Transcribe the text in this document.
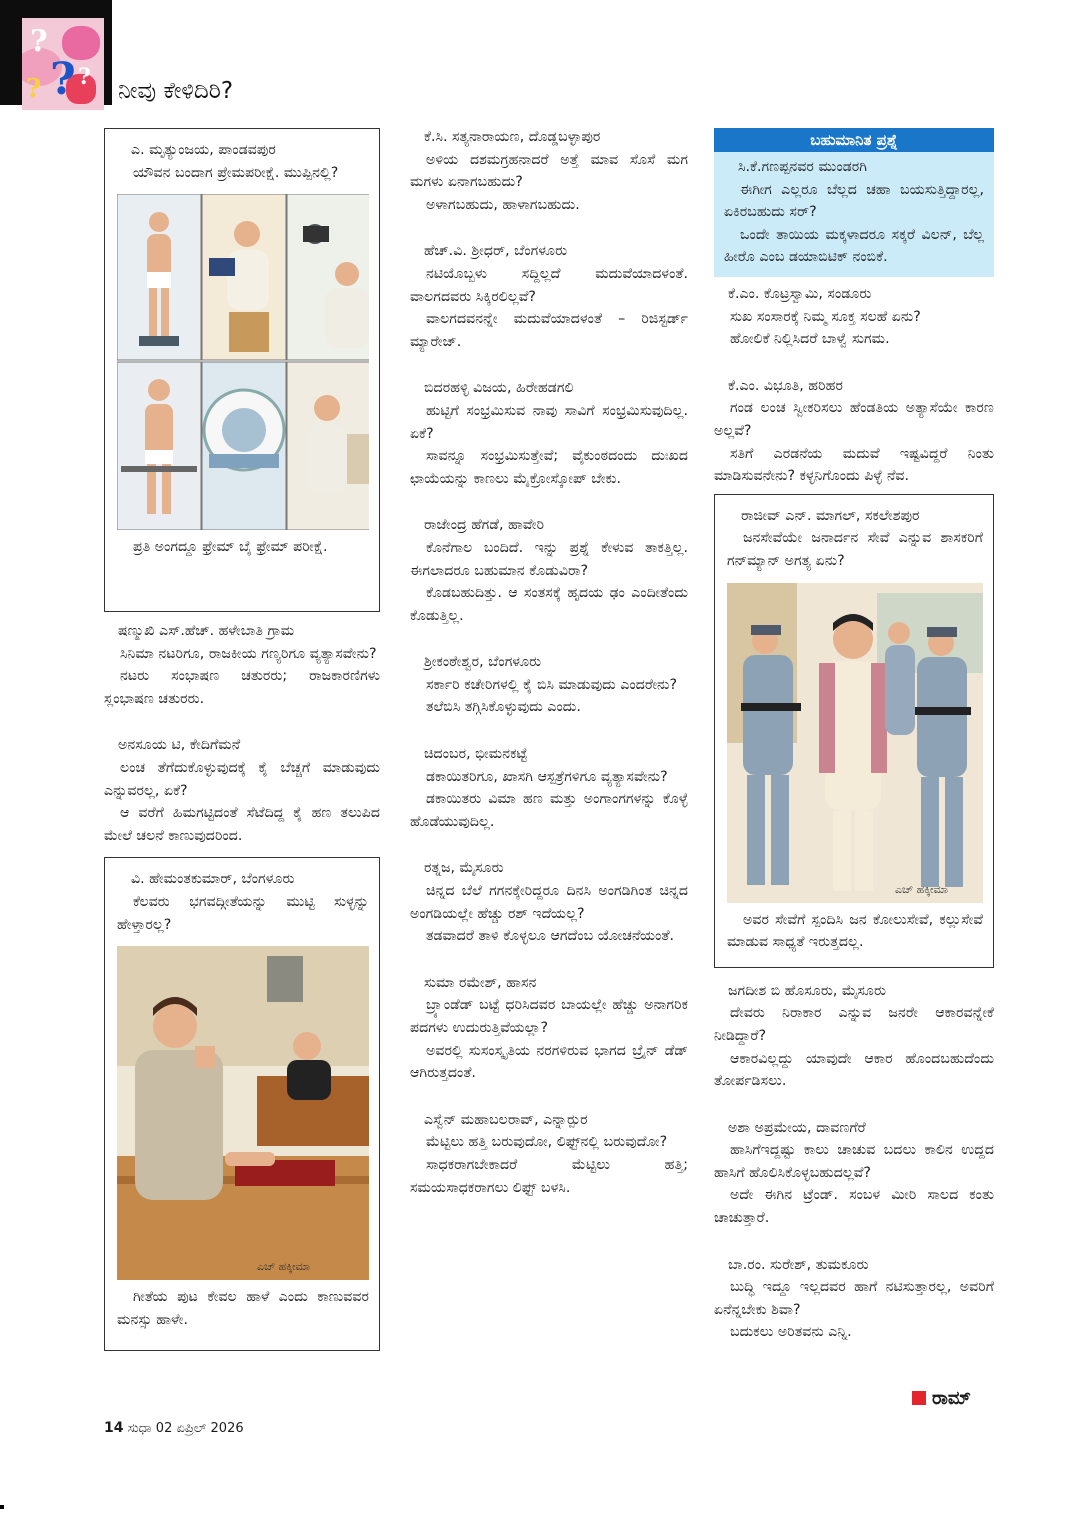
?
? ?
?	ನೀವು ಕೇಳಿದಿರಿ?
ಎ. ಮೃತ್ಯುಂಜಯ, ಪಾಂಡವಪುರ

ಯೌವನ ಬಂದಾಗ ಪ್ರೇಮಪರೀಕ್ಷೆ. ಮುಪ್ಪಿನಲ್ಲಿ?

ಪ್ರತಿ ಅಂಗದ್ದೂ ಫ್ರೇಮ್ ಬೈ ಫ್ರೇಮ್ ಪರೀಕ್ಷೆ.
ಷಣ್ಮುಖಿ ಎಸ್.ಹೆಚ್. ಹಳೇಬಾತಿ ಗ್ರಾಮ

ಸಿನಿಮಾ ನಟರಿಗೂ, ರಾಜಕೀಯ ಗಣ್ಯರಿಗೂ ವ್ಯತ್ಯಾಸವೇನು?

ನಟರು ಸಂಭಾಷಣ ಚತುರರು; ರಾಜಕಾರಣಿಗಳು ಸ್ಲಂಭಾಷಣ ಚತುರರು.

ಅನಸೂಯ ಟಿ, ಕೇದಿಗೆಮನೆ

ಲಂಚ ತೆಗೆದುಕೊಳ್ಳುವುದಕ್ಕೆ ಕೈ ಬೆಚ್ಚಗೆ ಮಾಡುವುದು ಎನ್ನುವರಲ್ಲ, ಏಕೆ?

ಆ ವರೆಗೆ ಹಿಮಗಟ್ಟಿದಂತೆ ಸೆಟೆದಿದ್ದ ಕೈ ಹಣ ತಲುಪಿದ ಮೇಲೆ ಚಲನೆ ಕಾಣುವುದರಿಂದ.

ವಿ. ಹೇಮಂತಕುಮಾರ್, ಬೆಂಗಳೂರು

ಕೆಲವರು ಭಗವದ್ಗೀತೆಯನ್ನು ಮುಟ್ಟಿ ಸುಳ್ಳನ್ನು ಹೇಳ್ತಾರಲ್ಲ?

ಎಚ್ ಹಕ್ಕೀಮಾ
ಗೀತೆಯ ಪುಟ ಕೇವಲ ಹಾಳೆ ಎಂದು ಕಾಣುವವರ ಮನಸ್ಸು ಹಾಳೇ.
ಕೆ.ಸಿ. ಸತ್ಯನಾರಾಯಣ, ದೊಡ್ಡಬಳ್ಳಾಪುರ

ಅಳಿಯ ದಶಮಗ್ರಹನಾದರೆ ಅತ್ತೆ ಮಾವ ಸೊಸೆ ಮಗ ಮಗಳು ಏನಾಗಬಹುದು?

ಅಳಾಗಬಹುದು, ಹಾಳಾಗಬಹುದು.

ಹೆಚ್.ವಿ. ಶ್ರೀಧರ್, ಬೆಂಗಳೂರು

ನಟಿಯೊಬ್ಬಳು ಸದ್ದಿಲ್ಲದೆ ಮದುವೆಯಾದಳಂತೆ. ವಾಲಗದವರು ಸಿಕ್ಕಿರಲಿಲ್ಲವೆ?

ವಾಲಗದವನನ್ನೇ ಮದುವೆಯಾದಳಂತೆ – ರಿಜಿಸ್ಟರ್ಡ್ ಮ್ಯಾರೇಜ್.

ಬಿದರಹಳ್ಳಿ ವಿಜಯ, ಹಿರೇಹಡಗಲಿ

ಹುಟ್ಟಿಗೆ ಸಂಭ್ರಮಿಸುವ ನಾವು ಸಾವಿಗೆ ಸಂಭ್ರಮಿಸುವುದಿಲ್ಲ. ಏಕೆ?

ಸಾವನ್ನೂ ಸಂಭ್ರಮಿಸುತ್ತೇವೆ; ವೈಕುಂಠದಂದು ದುಃಖದ ಛಾಯೆಯನ್ನು ಕಾಣಲು ಮೈಕ್ರೋಸ್ಕೋಪ್ ಬೇಕು.

ರಾಜೇಂದ್ರ ಹೆಗಡೆ, ಹಾವೇರಿ

ಕೊನೆಗಾಲ ಬಂದಿದೆ. ಇನ್ನು ಪ್ರಶ್ನೆ ಕೇಳುವ ತಾಕತ್ತಿಲ್ಲ. ಈಗಲಾದರೂ ಬಹುಮಾನ ಕೊಡುವಿರಾ?

ಕೊಡಬಹುದಿತ್ತು. ಆ ಸಂತಸಕ್ಕೆ ಹೃದಯ ಢಂ ಎಂದೀತೆಂದು ಕೊಡುತ್ತಿಲ್ಲ.

ಶ್ರೀಕಂಠೇಶ್ವರ, ಬೆಂಗಳೂರು

ಸರ್ಕಾರಿ ಕಚೇರಿಗಳಲ್ಲಿ ಕೈ ಬಿಸಿ ಮಾಡುವುದು ಎಂದರೇನು?

ತಲೆಬಿಸಿ ತಗ್ಗಿಸಿಕೊಳ್ಳುವುದು ಎಂದು.

ಚಿದಂಬರ, ಭೀಮನಕಟ್ಟೆ

ಡಕಾಯಿತರಿಗೂ, ಖಾಸಗಿ ಆಸ್ಪತ್ರೆಗಳಿಗೂ ವ್ಯತ್ಯಾಸವೇನು?

ಡಕಾಯಿತರು ವಿಮಾ ಹಣ ಮತ್ತು ಅಂಗಾಂಗಗಳನ್ನು ಕೊಳ್ಳೆ ಹೊಡೆಯುವುದಿಲ್ಲ.

ರತ್ನಜ, ಮೈಸೂರು

ಚಿನ್ನದ ಬೆಲೆ ಗಗನಕ್ಕೇರಿದ್ದರೂ ದಿನಸಿ ಅಂಗಡಿಗಿಂತ ಚಿನ್ನದ ಅಂಗಡಿಯಲ್ಲೇ ಹೆಚ್ಚು ರಶ್ ಇದೆಯಲ್ಲ?

ತಡವಾದರೆ ತಾಳಿ ಕೊಳ್ಳಲೂ ಆಗದೆಂಬ ಯೋಚನೆಯಂತೆ.

ಸುಮಾ ರಮೇಶ್, ಹಾಸನ

ಬ್ರ್ಯಾಂಡೆಡ್ ಬಟ್ಟೆ ಧರಿಸಿದವರ ಬಾಯಲ್ಲೇ ಹೆಚ್ಚು ಅನಾಗರಿಕ ಪದಗಳು ಉದುರುತ್ತಿವೆಯಲ್ಲಾ?

ಅವರಲ್ಲಿ ಸುಸಂಸ್ಕೃತಿಯ ನರಗಳಿರುವ ಭಾಗದ ಬ್ರೈನ್ ಡೆಡ್ ಆಗಿರುತ್ತದಂತೆ.

ಎಸ್ವೆನ್ ಮಹಾಬಲರಾವ್, ಎನ್ನಾರ್‍ಪುರ

ಮೆಟ್ಟಿಲು ಹತ್ತಿ ಬರುವುದೋ, ಲಿಫ್ಟ್‌ನಲ್ಲಿ ಬರುವುದೋ?

ಸಾಧಕರಾಗಬೇಕಾದರೆ ಮೆಟ್ಟಿಲು ಹತ್ತಿ; ಸಮಯಸಾಧಕರಾಗಲು ಲಿಫ್ಟ್ ಬಳಸಿ.

ಬಹುಮಾನಿತ ಪ್ರಶ್ನೆ
ಸಿ.ಕೆ.ಗಣಪ್ಪನವರ ಮುಂಡರಗಿ

ಈಗೀಗ ಎಲ್ಲರೂ ಬೆಲ್ಲದ ಚಹಾ ಬಯಸುತ್ತಿದ್ದಾರಲ್ಲ, ಏಕಿರಬಹುದು ಸರ್?

ಒಂದೇ ತಾಯಿಯ ಮಕ್ಕಳಾದರೂ ಸಕ್ಕರೆ ವಿಲನ್, ಬೆಲ್ಲ ಹೀರೊ ಎಂಬ ಡಯಾಬಿಟಿಕ್ ನಂಬಿಕೆ.

ಕೆ.ಎಂ. ಕೊಟ್ರಸ್ವಾಮಿ, ಸಂಡೂರು

ಸುಖ ಸಂಸಾರಕ್ಕೆ ನಿಮ್ಮ ಸೂಕ್ತ ಸಲಹೆ ಏನು?

ಹೋಲಿಕೆ ನಿಲ್ಲಿಸಿದರೆ ಬಾಳ್ವೆ ಸುಗಮ.

ಕೆ.ಎಂ. ವಿಭೂತಿ, ಹರಿಹರ

ಗಂಡ ಲಂಚ ಸ್ವೀಕರಿಸಲು ಹೆಂಡತಿಯ ಅತ್ಯಾಸೆಯೇ ಕಾರಣ ಅಲ್ಲವೆ?

ಸತಿಗೆ ಎರಡನೆಯ ಮದುವೆ ಇಷ್ಟವಿದ್ದರೆ ನಿಂತು ಮಾಡಿಸುವನೇನು? ಕಳ್ಳನಿಗೊಂದು ಪಿಳ್ಳೆ ನೆವ.

ರಾಜೀವ್ ಎನ್. ಮಾಗಲ್, ಸಕಲೇಶಪುರ

ಜನಸೇವೆಯೇ ಜನಾರ್ದನ ಸೇವೆ ಎನ್ನುವ ಶಾಸಕರಿಗೆ ಗನ್‌ಮ್ಯಾನ್ ಅಗತ್ಯ ಏನು?

ಎಚ್ ಹಕ್ಕೀಮಾ
ಅವರ ಸೇವೆಗೆ ಸ್ಪಂದಿಸಿ ಜನ ಕೋಲುಸೇವೆ, ಕಲ್ಲುಸೇವೆ ಮಾಡುವ ಸಾಧ್ಯತೆ ಇರುತ್ತದಲ್ಲ.
ಜಗದೀಶ ಬಿ ಹೊಸೂರು, ಮೈಸೂರು

ದೇವರು ನಿರಾಕಾರ ಎನ್ನುವ ಜನರೇ ಆಕಾರವನ್ನೇಕೆ ನೀಡಿದ್ದಾರೆ?

ಆಕಾರವಿಲ್ಲದ್ದು ಯಾವುದೇ ಆಕಾರ ಹೊಂದಬಹುದೆಂದು ತೋರ್ಪಡಿಸಲು.

ಅಶಾ ಅಪ್ರಮೇಯ, ದಾವಣಗೆರೆ

ಹಾಸಿಗೆಇದ್ದಷ್ಟು ಕಾಲು ಚಾಚುವ ಬದಲು ಕಾಲಿನ ಉದ್ದದ ಹಾಸಿಗೆ ಹೊಲಿಸಿಕೊಳ್ಳಬಹುದಲ್ಲವೆ?

ಅದೇ ಈಗಿನ ಟ್ರೆಂಡ್. ಸಂಬಳ ಮೀರಿ ಸಾಲದ ಕಂತು ಚಾಚುತ್ತಾರೆ.

ಬಾ.ರಂ. ಸುರೇಶ್, ತುಮಕೂರು

ಬುದ್ಧಿ ಇದ್ದೂ ಇಲ್ಲದವರ ಹಾಗೆ ನಟಿಸುತ್ತಾರಲ್ಲ, ಅವರಿಗೆ ಏನೆನ್ನಬೇಕು ಶಿವಾ?

ಬದುಕಲು ಅರಿತವನು ಎನ್ನಿ.

ರಾಮ್
14 ಸುಧಾ 02 ಏಪ್ರಿಲ್ 2026
